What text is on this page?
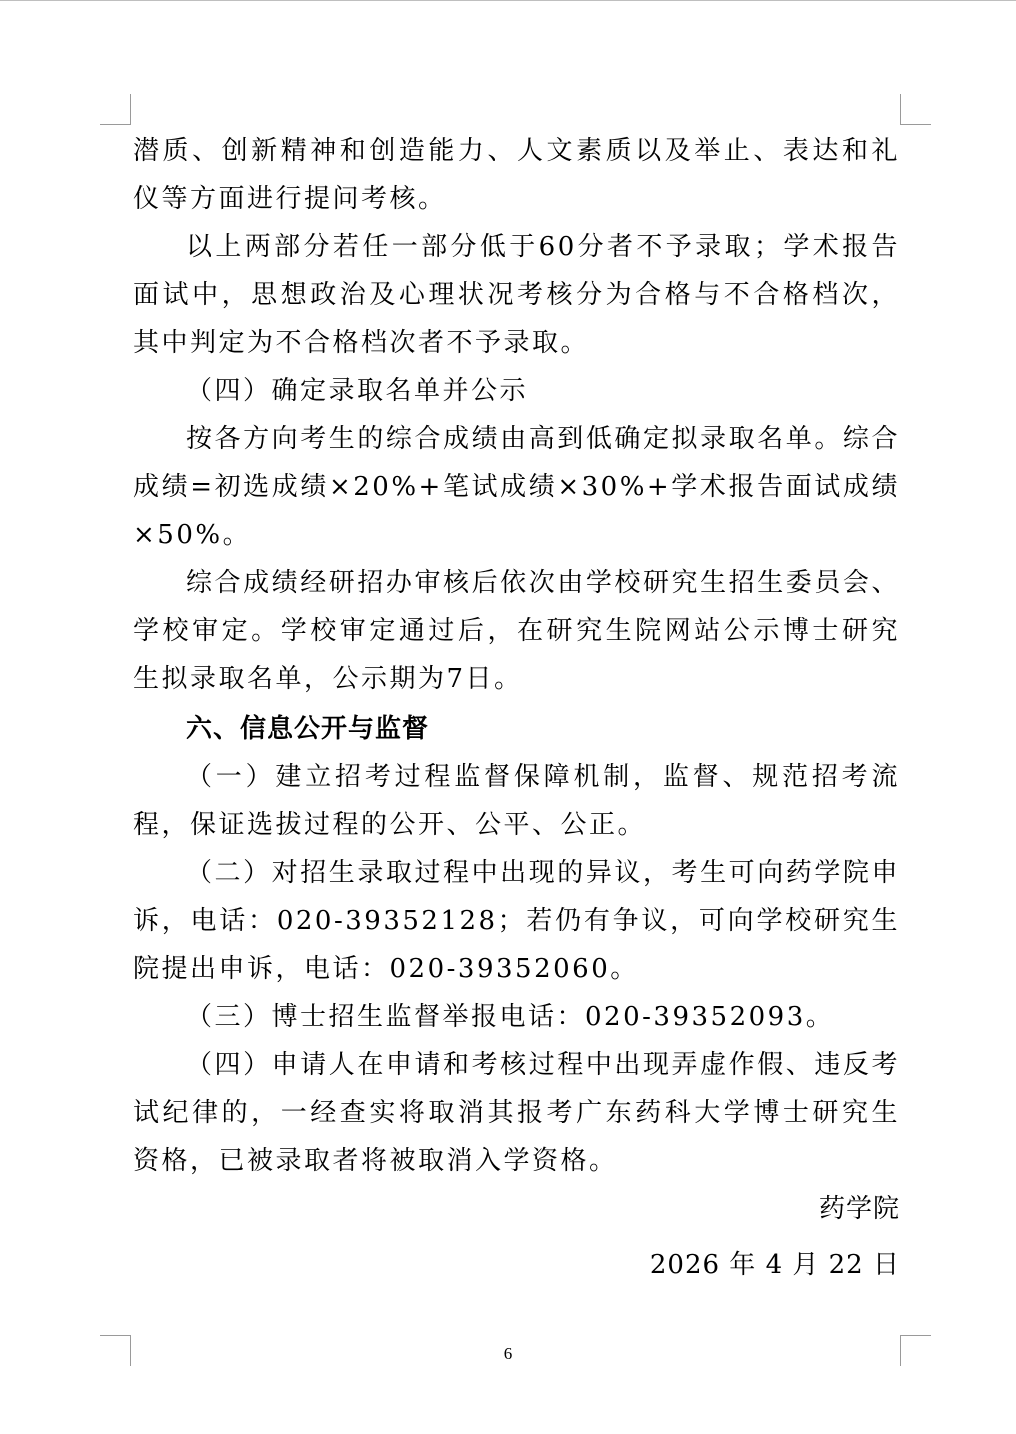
潜质、创新精神和创造能力、人文素质以及举止、表达和礼仪等方面进行提问考核。

以上两部分若任一部分低于60分者不予录取；学术报告面试中，思想政治及心理状况考核分为合格与不合格档次，其中判定为不合格档次者不予录取。

（四）确定录取名单并公示

按各方向考生的综合成绩由高到低确定拟录取名单。综合成绩=初选成绩×20%+笔试成绩×30%+学术报告面试成绩×50%。

综合成绩经研招办审核后依次由学校研究生招生委员会、学校审定。学校审定通过后，在研究生院网站公示博士研究生拟录取名单，公示期为7日。

六、信息公开与监督

（一）建立招考过程监督保障机制，监督、规范招考流程，保证选拔过程的公开、公平、公正。

（二）对招生录取过程中出现的异议，考生可向药学院申诉，电话：020-39352128；若仍有争议，可向学校研究生院提出申诉，电话：020-39352060。

（三）博士招生监督举报电话：020-39352093。

（四）申请人在申请和考核过程中出现弄虚作假、违反考试纪律的，一经查实将取消其报考广东药科大学博士研究生资格，已被录取者将被取消入学资格。

药学院

2026 年 4 月 22 日

6
